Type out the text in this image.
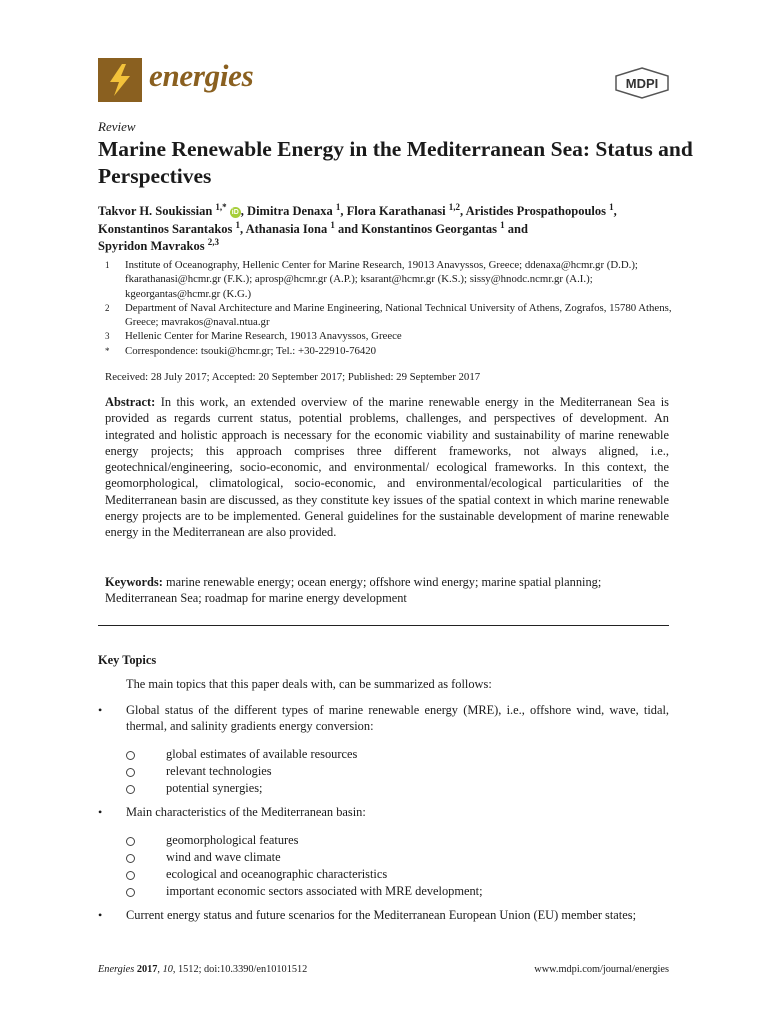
energies	MDPI
Review
Marine Renewable Energy in the Mediterranean Sea: Status and Perspectives
Takvor H. Soukissian $^{1,*}$ iD , Dimitra Denaxa $^1$, Flora Karathanasi $^{1,2}$, Aristides Prospathopoulos $^1$, Konstantinos Sarantakos $^1$, Athanasia Iona $^1$ and Konstantinos Georgantas $^1$ and
Spyridon Mavrakos $^{2,3}$
1	Institute of Oceanography, Hellenic Center for Marine Research, 19013 Anavyssos, Greece; ddenaxa@hcmr.gr (D.D.); fkarathanasi@hcmr.gr (F.K.); aprosp@hcmr.gr (A.P.); ksarant@hcmr.gr (K.S.); sissy@hnodc.ncmr.gr (A.I.); kgeorgantas@hcmr.gr (K.G.)
2	Department of Naval Architecture and Marine Engineering, National Technical University of Athens, Zografos, 15780 Athens, Greece; mavrakos@naval.ntua.gr
3	Hellenic Center for Marine Research, 19013 Anavyssos, Greece
*	Correspondence: tsouki@hcmr.gr; Tel.: +30-22910-76420
Received: 28 July 2017; Accepted: 20 September 2017; Published: 29 September 2017
Abstract: In this work, an extended overview of the marine renewable energy in the Mediterranean Sea is provided as regards current status, potential problems, challenges, and perspectives of development. An integrated and holistic approach is necessary for the economic viability and sustainability of marine renewable energy projects; this approach comprises three different frameworks, not always aligned, i.e., geotechnical/engineering, socio-economic, and environmental/ ecological frameworks. In this context, the geomorphological, climatological, socio-economic, and environmental/ecological particularities of the Mediterranean basin are discussed, as they constitute key issues of the spatial context in which marine renewable energy projects are to be implemented. General guidelines for the sustainable development of marine renewable energy in the Mediterranean are also provided.
Keywords: marine renewable energy; ocean energy; offshore wind energy; marine spatial planning; Mediterranean Sea; roadmap for marine energy development
Key Topics
The main topics that this paper deals with, can be summarized as follows:
•	Global status of the different types of marine renewable energy (MRE), i.e., offshore wind, wave, tidal, thermal, and salinity gradients energy conversion:
global estimates of available resources
relevant technologies
potential synergies;
•	Main characteristics of the Mediterranean basin:
geomorphological features
wind and wave climate
ecological and oceanographic characteristics
important economic sectors associated with MRE development;
•	Current energy status and future scenarios for the Mediterranean European Union (EU) member states;
Energies 2017, 10, 1512; doi:10.3390/en10101512	www.mdpi.com/journal/energies
